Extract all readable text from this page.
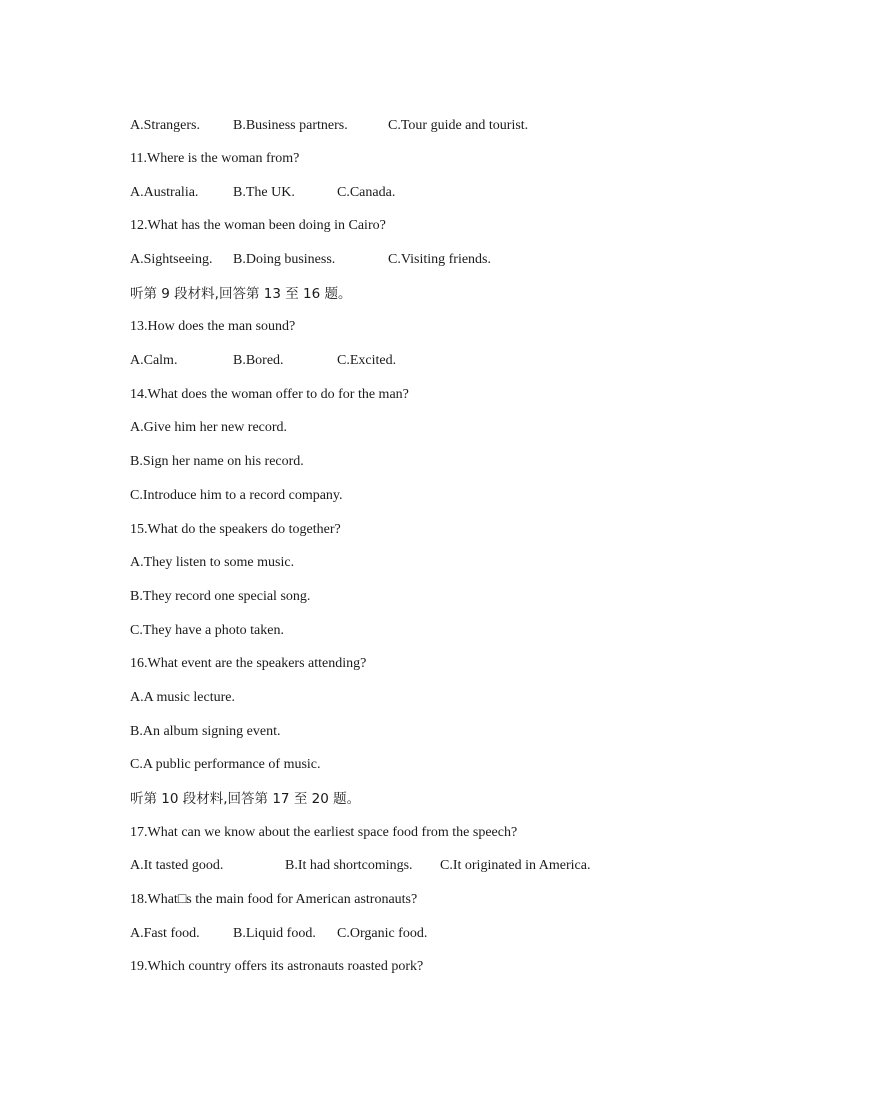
A.Strangers. B.Business partners.	C.Tour guide and tourist.
11.Where is the woman from?
A.Australia. B.The UK.	C.Canada.
12.What has the woman been doing in Cairo?
A.Sightseeing. B.Doing business.	C.Visiting friends.
听第 9 段材料,回答第 13 至 16 题。
13.How does the man sound?
A.Calm.	B.Bored.	C.Excited.
14.What does the woman offer to do for the man?
A.Give him her new record.
B.Sign her name on his record.
C.Introduce him to a record company.
15.What do the speakers do together?
A.They listen to some music.
B.They record one special song.
C.They have a photo taken.
16.What event are the speakers attending?
A.A music lecture.
B.An album signing event.
C.A public performance of music.
听第 10 段材料,回答第 17 至 20 题。
17.What can we know about the earliest space food from the speech?
A.It tasted good.	B.It had shortcomings. C.It originated in America.
18.What□s the main food for American astronauts?
A.Fast food. B.Liquid food. C.Organic food.
19.Which country offers its astronauts roasted pork?
